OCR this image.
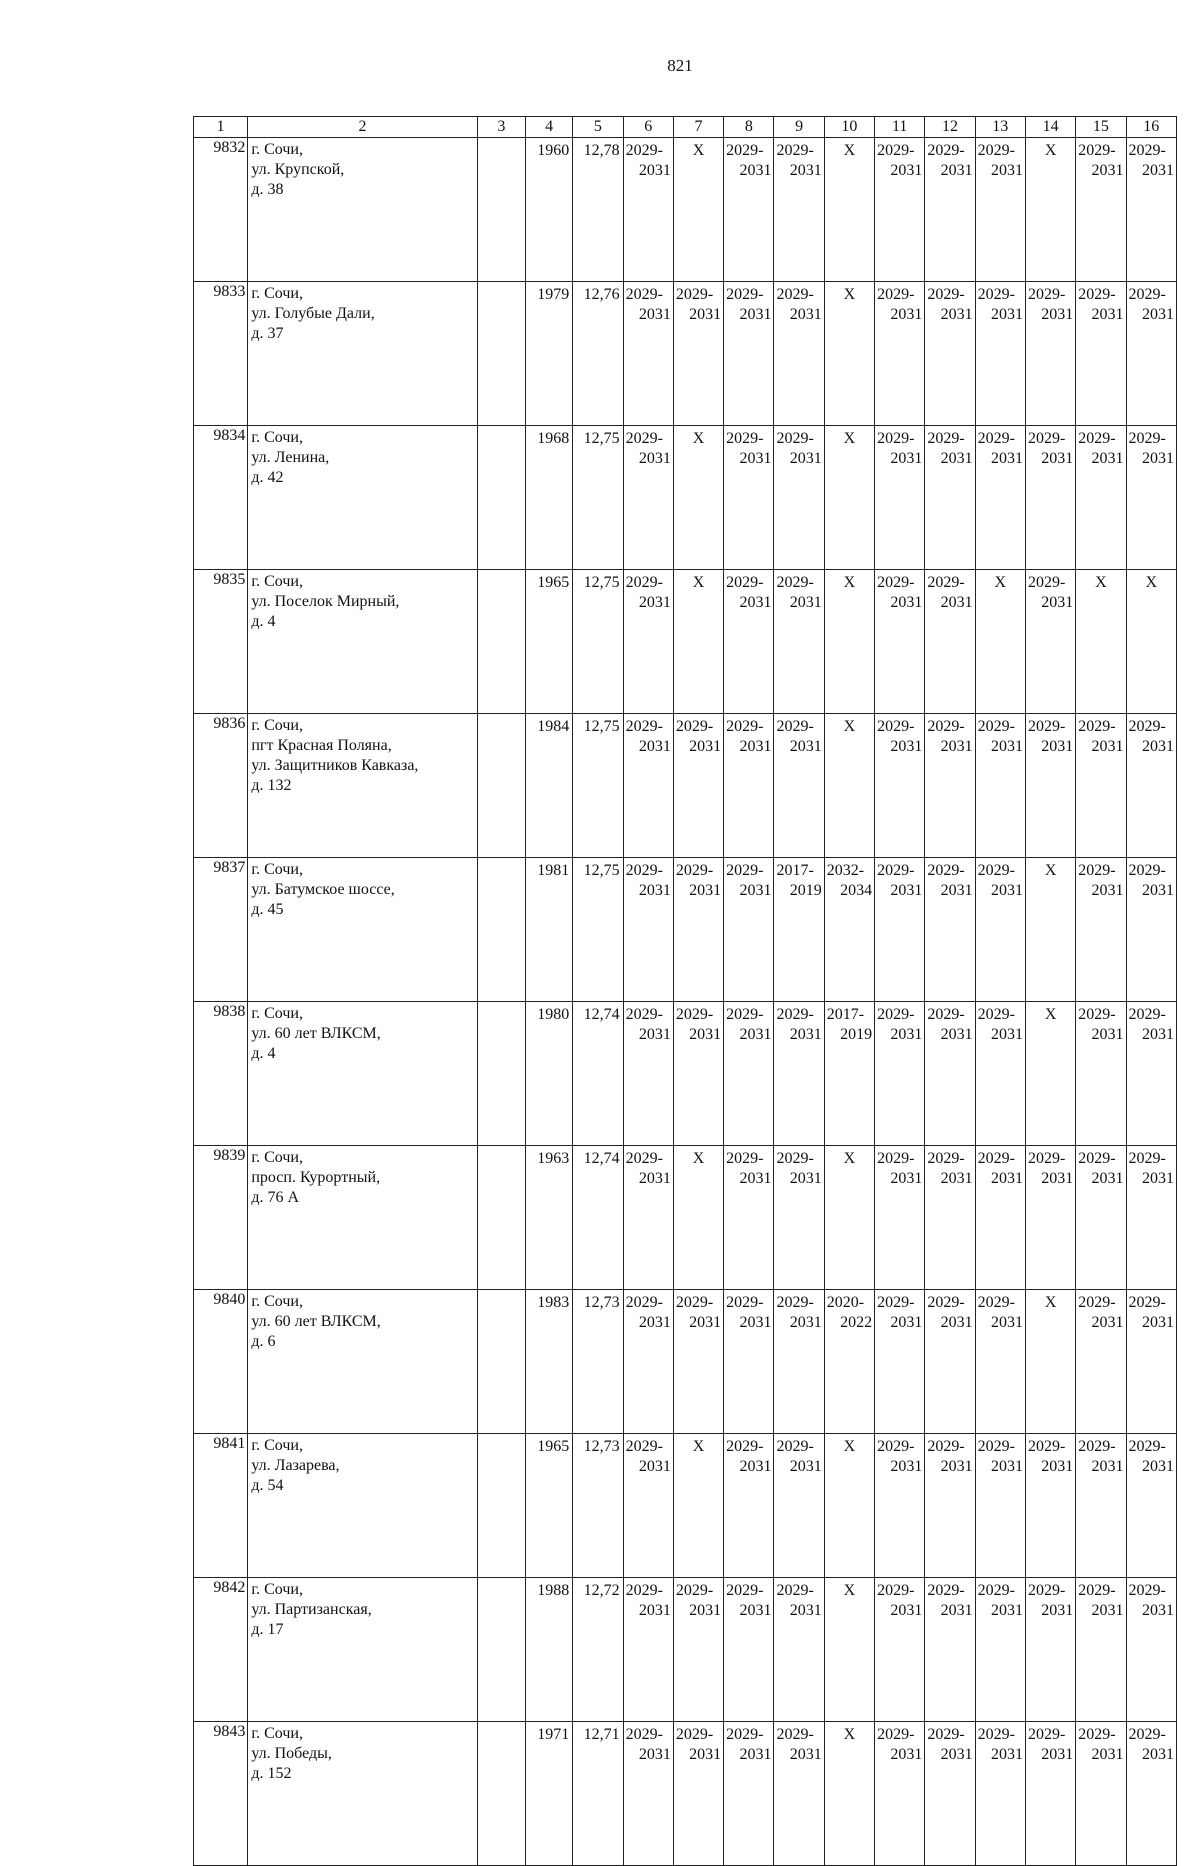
821
1	2	3	4	5	6	7	8	9	10	11	12	13	14	15	16
9832	г. Сочи,
ул. Крупской,
д. 38		1960	12,78	2029-
2031	X	2029-
2031	2029-
2031	X	2029-
2031	2029-
2031	2029-
2031	X	2029-
2031	2029-
2031

9833	г. Сочи,
ул. Голубые Дали,
д. 37		1979	12,76	2029-
2031	2029-
2031	2029-
2031	2029-
2031	X	2029-
2031	2029-
2031	2029-
2031	2029-
2031	2029-
2031	2029-
2031

9834	г. Сочи,
ул. Ленина,
д. 42		1968	12,75	2029-
2031	X	2029-
2031	2029-
2031	X	2029-
2031	2029-
2031	2029-
2031	2029-
2031	2029-
2031	2029-
2031

9835	г. Сочи,
ул. Поселок Мирный,
д. 4		1965	12,75	2029-
2031	X	2029-
2031	2029-
2031	X	2029-
2031	2029-
2031	X	2029-
2031	X	X

9836	г. Сочи,
пгт Красная Поляна,
ул. Защитников Кавказа,
д. 132		1984	12,75	2029-
2031	2029-
2031	2029-
2031	2029-
2031	X	2029-
2031	2029-
2031	2029-
2031	2029-
2031	2029-
2031	2029-
2031

9837	г. Сочи,
ул. Батумское шоссе,
д. 45		1981	12,75	2029-
2031	2029-
2031	2029-
2031	2017-
2019	2032-
2034	2029-
2031	2029-
2031	2029-
2031	X	2029-
2031	2029-
2031

9838	г. Сочи,
ул. 60 лет ВЛКСМ,
д. 4		1980	12,74	2029-
2031	2029-
2031	2029-
2031	2029-
2031	2017-
2019	2029-
2031	2029-
2031	2029-
2031	X	2029-
2031	2029-
2031

9839	г. Сочи,
просп. Курортный,
д. 76 А		1963	12,74	2029-
2031	X	2029-
2031	2029-
2031	X	2029-
2031	2029-
2031	2029-
2031	2029-
2031	2029-
2031	2029-
2031

9840	г. Сочи,
ул. 60 лет ВЛКСМ,
д. 6		1983	12,73	2029-
2031	2029-
2031	2029-
2031	2029-
2031	2020-
2022	2029-
2031	2029-
2031	2029-
2031	X	2029-
2031	2029-
2031

9841	г. Сочи,
ул. Лазарева,
д. 54		1965	12,73	2029-
2031	X	2029-
2031	2029-
2031	X	2029-
2031	2029-
2031	2029-
2031	2029-
2031	2029-
2031	2029-
2031

9842	г. Сочи,
ул. Партизанская,
д. 17		1988	12,72	2029-
2031	2029-
2031	2029-
2031	2029-
2031	X	2029-
2031	2029-
2031	2029-
2031	2029-
2031	2029-
2031	2029-
2031

9843	г. Сочи,
ул. Победы,
д. 152		1971	12,71	2029-
2031	2029-
2031	2029-
2031	2029-
2031	X	2029-
2031	2029-
2031	2029-
2031	2029-
2031	2029-
2031	2029-
2031
